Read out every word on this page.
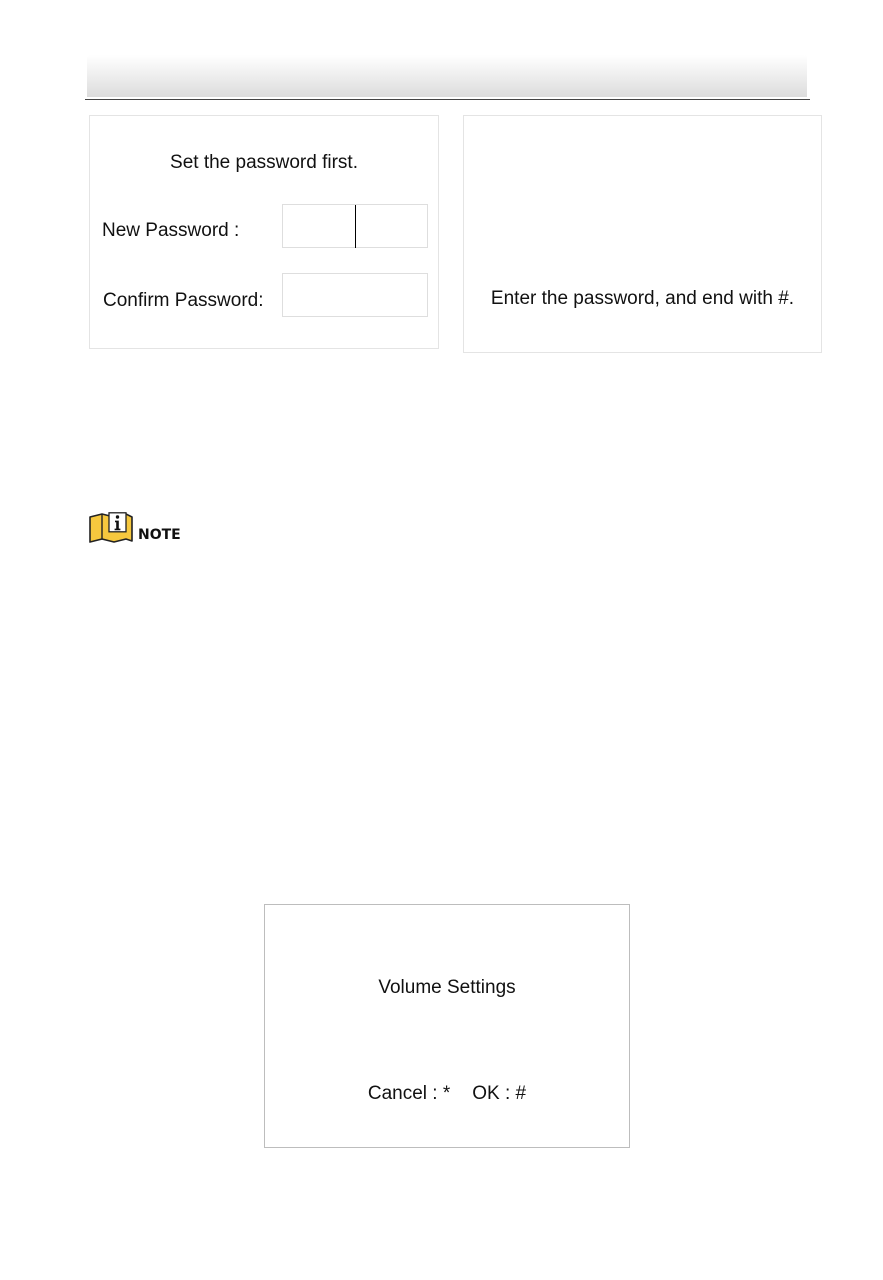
Set the password first.
New Password :
Confirm Password:	Enter the password, and end with #.
NOTE
Volume Settings
Cancel : * OK : #
